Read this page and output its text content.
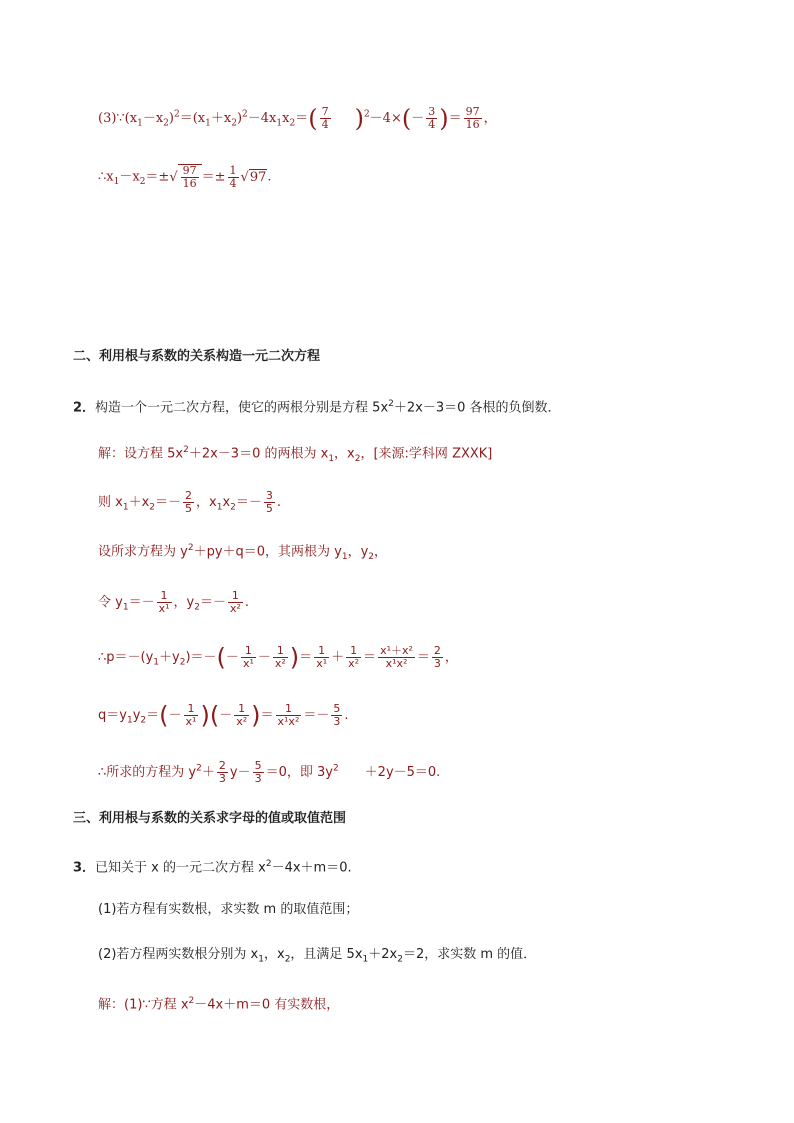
$(3)\because(x_1-x_2)^2=(x_1+x_2)^2-4x_1x_2=( \frac{7}{4} )^2-4\times(- \frac{3}{4}$ )＝ $\frac{97}{16}$ ，
$\therefore x_1-x_2=\pm√ \frac{97}{16} =\pm \frac{1}{4} √97$.
二、利用根与系数的关系构造一元二次方程
2．构造一个一元二次方程，使它的两根分别是方程 $5x^2+2x-3=0$ 各根的负倒数．
解：设方程 $5x^2+2x-3=0$ 的两根为 $x_1$，$x_2$，[来源:学科网 ZXXK]
则 $x_1+x_2=- \frac{2}{5}$ ，$x_1x_2=- \frac{3}{5}$ .
设所求方程为 $y^2+py+q=0$，其两根为 $y_1$，$y_2$，
令 $y_1=- \frac{1}{\text{x¹}}$ ，$y_2=- \frac{1}{\text{x²}}$ .
$\therefore p=-(y_1+y_2)=-(- \frac{1}{\text{x¹}} - \frac{1}{\text{x²}}$ )＝ $\frac{1}{\text{x¹}} + \frac{1}{\text{x²}} = \frac{\text{x¹＋x²}}{\text{x¹x²}} = \frac{2}{3}$ ，
$q=y_1y_2=(- \frac{1}{\text{x¹}}$ )(－ $\frac{1}{\text{x²}}$ )＝ $\frac{1}{\text{x¹x²}} =- \frac{5}{3}$ .
∴所求的方程为 $y^2+ \frac{2}{3} y- \frac{5}{3} =0$，即 $3y^2 +2y-5=0$.
三、利用根与系数的关系求字母的值或取值范围
3．已知关于 x 的一元二次方程 $x^2-4x+m=0$.
(1)若方程有实数根，求实数 m 的取值范围；
(2)若方程两实数根分别为 $x_1$，$x_2$，且满足 $5x_1+2x_2=2$，求实数 m 的值．
解：(1)∵方程 $x^2-4x+m=0$ 有实数根，
